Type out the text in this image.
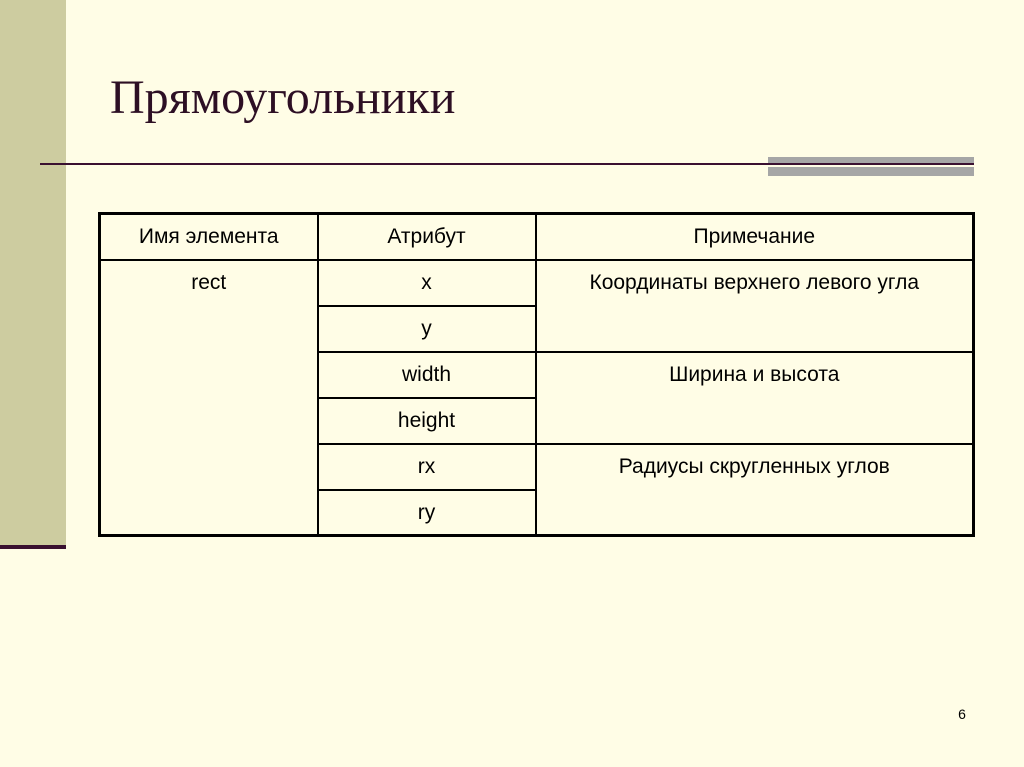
Прямоугольники
Имя элемента	Атрибут	Примечание
rect	x	Координаты верхнего левого угла
	y	
	width	Ширина и высота
	height	
	rx	Радиусы скругленных углов
	ry	
6
